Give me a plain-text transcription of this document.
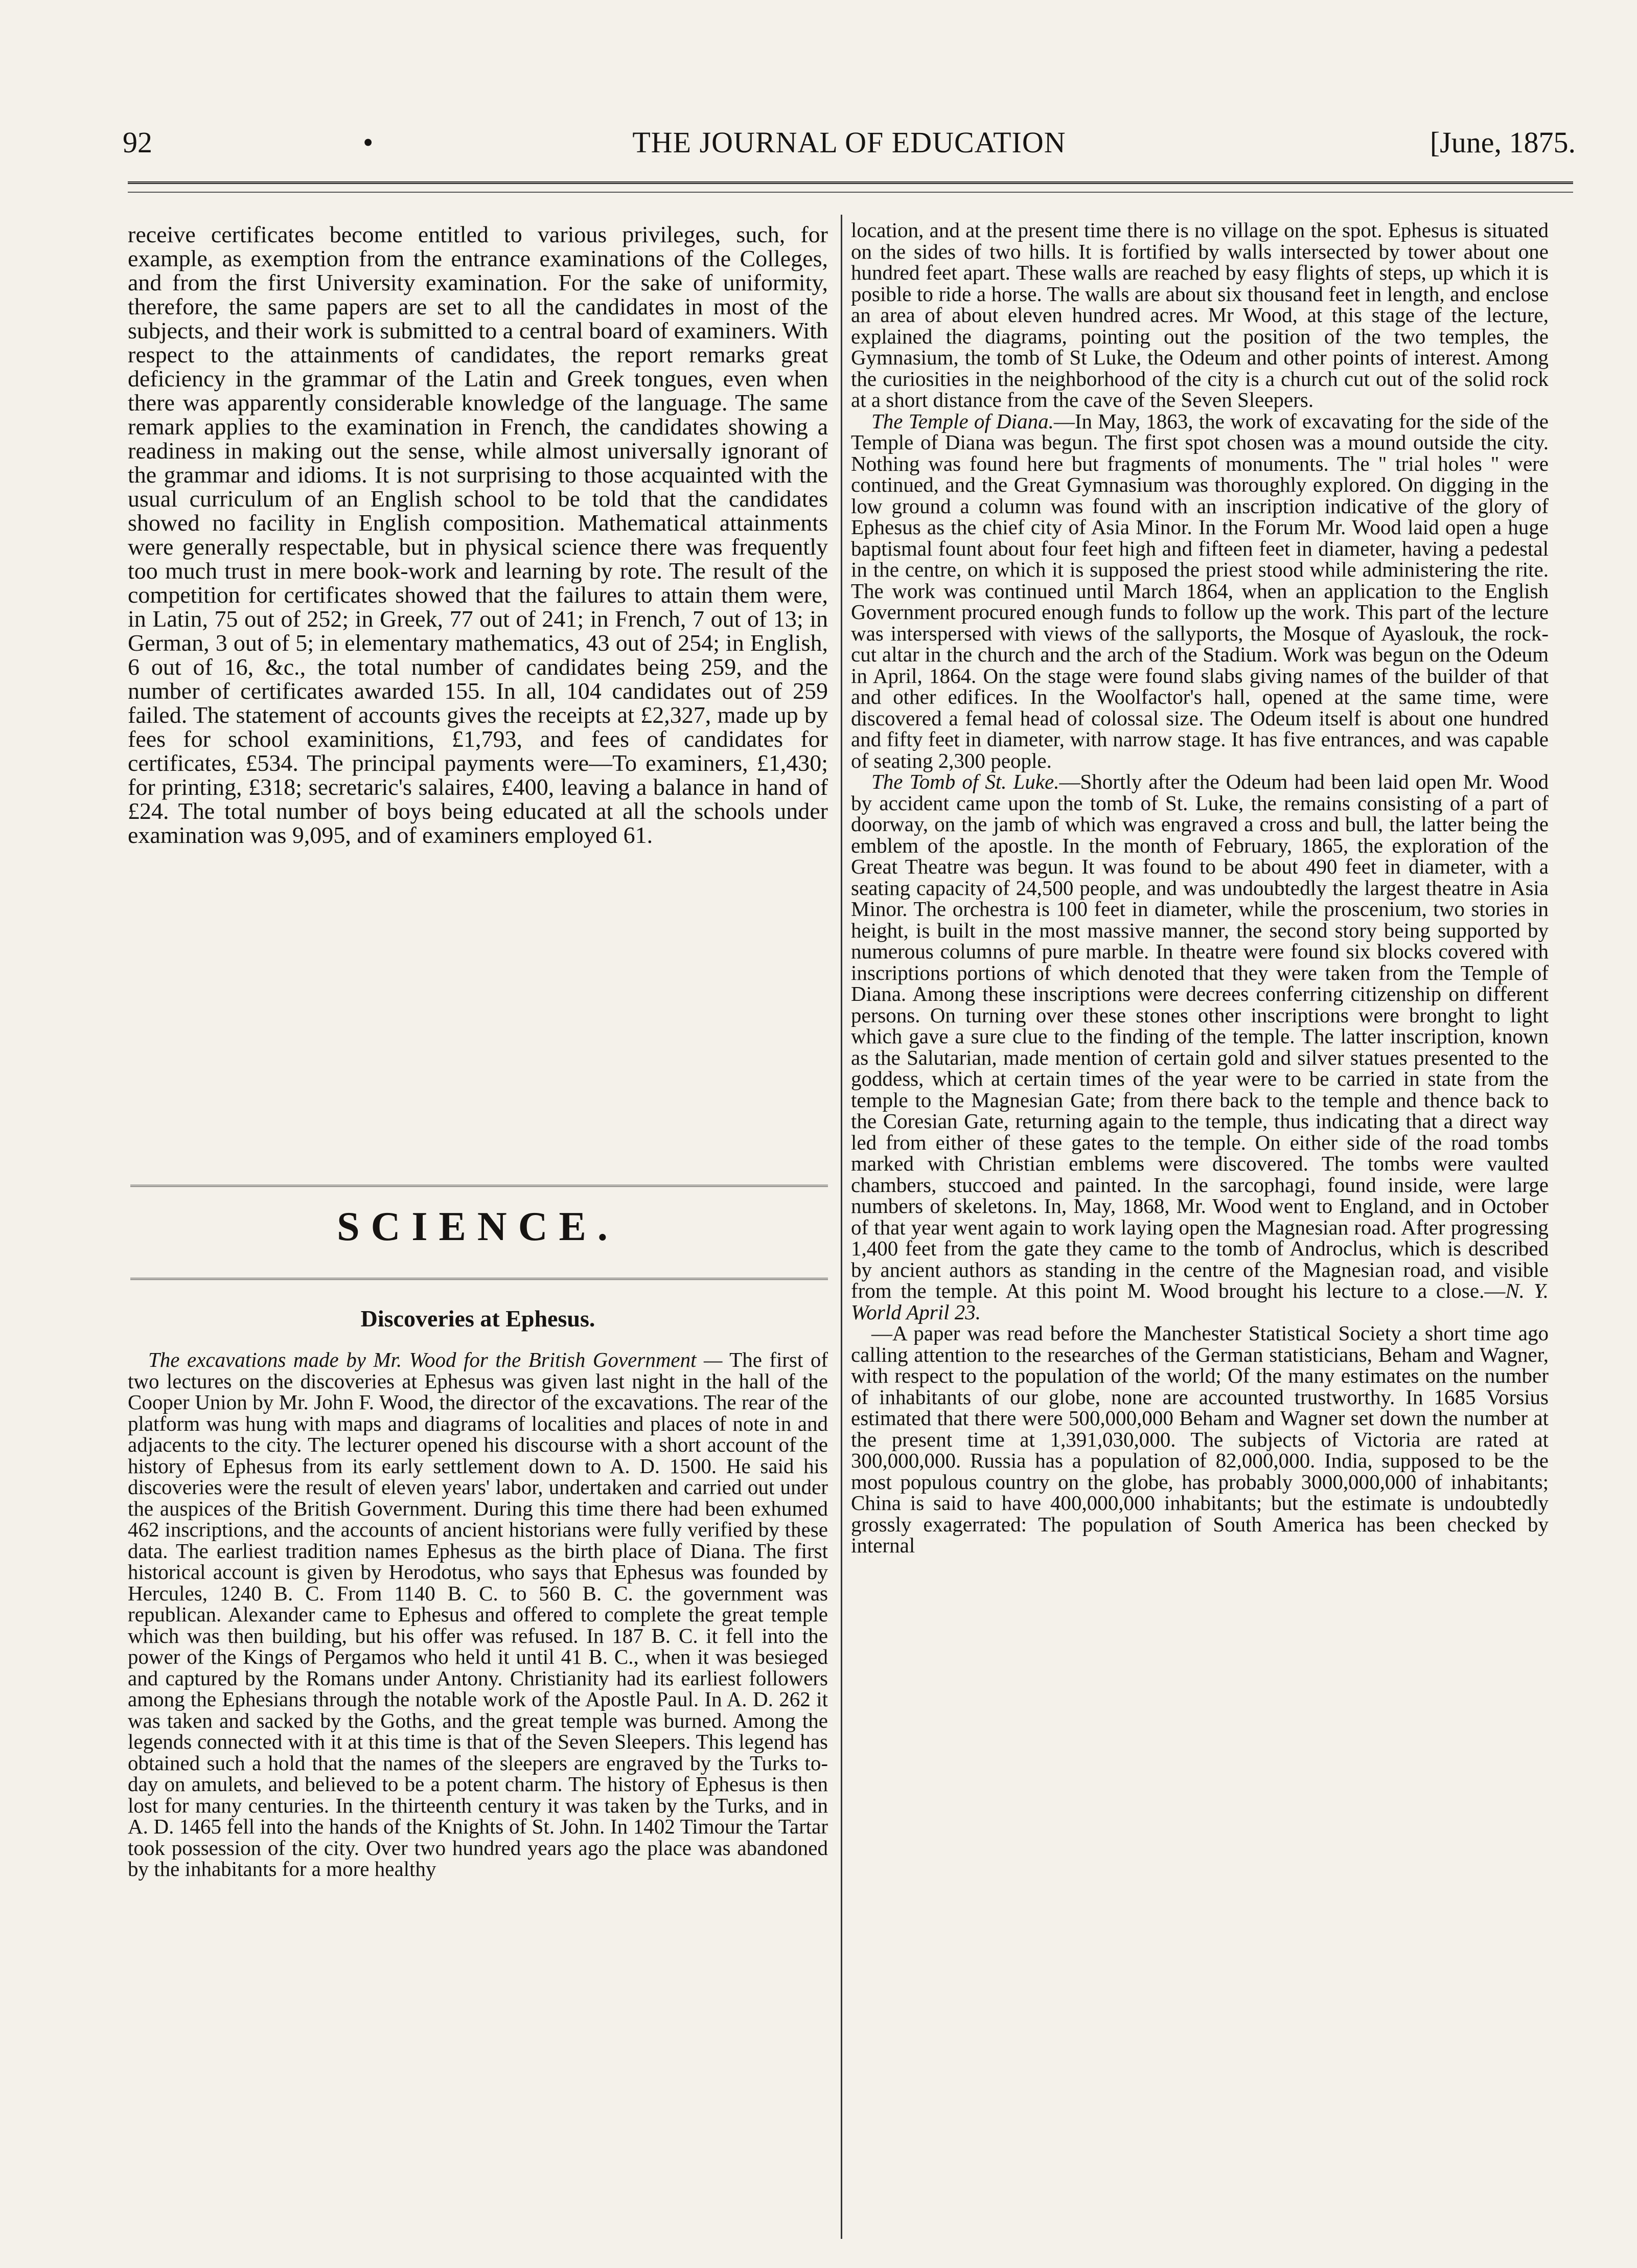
92	•	THE JOURNAL OF EDUCATION	[June, 1875.

receive certificates become entitled to various privileges, such, for example, as exemption from the entrance examinations of the Colleges, and from the first University examination. For the sake of uniformity, therefore, the same papers are set to all the candidates in most of the subjects, and their work is submitted to a central board of examiners. With respect to the attainments of candidates, the report remarks great deficiency in the grammar of the Latin and Greek tongues, even when there was apparently considerable knowledge of the language. The same remark applies to the examination in French, the candidates showing a readiness in making out the sense, while almost universally ignorant of the grammar and idioms. It is not surprising to those acquainted with the usual curriculum of an English school to be told that the candidates showed no facility in English composition. Mathematical attainments were generally respectable, but in physical science there was frequently too much trust in mere book-work and learning by rote. The result of the competition for certificates showed that the failures to attain them were, in Latin, 75 out of 252; in Greek, 77 out of 241; in French, 7 out of 13; in German, 3 out of 5; in elementary mathematics, 43 out of 254; in English, 6 out of 16, &c., the total number of candidates being 259, and the number of certificates awarded 155. In all, 104 candidates out of 259 failed. The statement of accounts gives the receipts at £2,327, made up by fees for school examinitions, £1,793, and fees of candidates for certificates, £534. The principal payments were—To examiners, £1,430; for printing, £318; secretaric's salaires, £400, leaving a balance in hand of £24. The total number of boys being educated at all the schools under examination was 9,095, and of examiners employed 61.

SCIENCE.
Discoveries at Ephesus.

The excavations made by Mr. Wood for the British Government — The first of two lectures on the discoveries at Ephesus was given last night in the hall of the Cooper Union by Mr. John F. Wood, the director of the excavations. The rear of the platform was hung with maps and diagrams of localities and places of note in and adjacents to the city. The lecturer opened his discourse with a short account of the history of Ephesus from its early settlement down to A. D. 1500. He said his discoveries were the result of eleven years' labor, undertaken and carried out under the auspices of the British Government. During this time there had been exhumed 462 inscriptions, and the accounts of ancient historians were fully verified by these data. The earliest tradition names Ephesus as the birth place of Diana. The first historical account is given by Herodotus, who says that Ephesus was founded by Hercules, 1240 B. C. From 1140 B. C. to 560 B. C. the government was republican. Alexander came to Ephesus and offered to complete the great temple which was then building, but his offer was refused. In 187 B. C. it fell into the power of the Kings of Pergamos who held it until 41 B. C., when it was besieged and captured by the Romans under Antony. Christianity had its earliest followers among the Ephesians through the notable work of the Apostle Paul. In A. D. 262 it was taken and sacked by the Goths, and the great temple was burned. Among the legends connected with it at this time is that of the Seven Sleepers. This legend has obtained such a hold that the names of the sleepers are engraved by the Turks to-day on amulets, and believed to be a potent charm. The history of Ephesus is then lost for many centuries. In the thirteenth century it was taken by the Turks, and in A. D. 1465 fell into the hands of the Knights of St. John. In 1402 Timour the Tartar took possession of the city. Over two hundred years ago the place was abandoned by the inhabitants for a more healthy

location, and at the present time there is no village on the spot. Ephesus is situated on the sides of two hills. It is fortified by walls intersected by tower about one hundred feet apart. These walls are reached by easy flights of steps, up which it is posible to ride a horse. The walls are about six thousand feet in length, and enclose an area of about eleven hundred acres. Mr Wood, at this stage of the lecture, explained the diagrams, pointing out the position of the two temples, the Gymnasium, the tomb of St Luke, the Odeum and other points of interest. Among the curiosities in the neighborhood of the city is a church cut out of the solid rock at a short distance from the cave of the Seven Sleepers.

The Temple of Diana.—In May, 1863, the work of excavating for the side of the Temple of Diana was begun. The first spot chosen was a mound outside the city. Nothing was found here but fragments of monuments. The " trial holes " were continued, and the Great Gymnasium was thoroughly explored. On digging in the low ground a column was found with an inscription indicative of the glory of Ephesus as the chief city of Asia Minor. In the Forum Mr. Wood laid open a huge baptismal fount about four feet high and fifteen feet in diameter, having a pedestal in the centre, on which it is supposed the priest stood while administering the rite. The work was continued until March 1864, when an application to the English Government procured enough funds to follow up the work. This part of the lecture was interspersed with views of the sallyports, the Mosque of Ayaslouk, the rock-cut altar in the church and the arch of the Stadium. Work was begun on the Odeum in April, 1864. On the stage were found slabs giving names of the builder of that and other edifices. In the Woolfactor's hall, opened at the same time, were discovered a femal head of colossal size. The Odeum itself is about one hundred and fifty feet in diameter, with narrow stage. It has five entrances, and was capable of seating 2,300 people.

The Tomb of St. Luke.—Shortly after the Odeum had been laid open Mr. Wood by accident came upon the tomb of St. Luke, the remains consisting of a part of doorway, on the jamb of which was engraved a cross and bull, the latter being the emblem of the apostle. In the month of February, 1865, the exploration of the Great Theatre was begun. It was found to be about 490 feet in diameter, with a seating capacity of 24,500 people, and was undoubtedly the largest theatre in Asia Minor. The orchestra is 100 feet in diameter, while the proscenium, two stories in height, is built in the most massive manner, the second story being supported by numerous columns of pure marble. In theatre were found six blocks covered with inscriptions portions of which denoted that they were taken from the Temple of Diana. Among these inscriptions were decrees conferring citizenship on different persons. On turning over these stones other inscriptions were bronght to light which gave a sure clue to the finding of the temple. The latter inscription, known as the Salutarian, made mention of certain gold and silver statues presented to the goddess, which at certain times of the year were to be carried in state from the temple to the Magnesian Gate; from there back to the temple and thence back to the Coresian Gate, returning again to the temple, thus indicating that a direct way led from either of these gates to the temple. On either side of the road tombs marked with Christian emblems were discovered. The tombs were vaulted chambers, stuccoed and painted. In the sarcophagi, found inside, were large numbers of skeletons. In, May, 1868, Mr. Wood went to England, and in October of that year went again to work laying open the Magnesian road. After progressing 1,400 feet from the gate they came to the tomb of Androclus, which is described by ancient authors as standing in the centre of the Magnesian road, and visible from the temple. At this point M. Wood brought his lecture to a close.—N. Y. World April 23.

—A paper was read before the Manchester Statistical Society a short time ago calling attention to the researches of the German statisticians, Beham and Wagner, with respect to the population of the world; Of the many estimates on the number of inhabitants of our globe, none are accounted trustworthy. In 1685 Vorsius estimated that there were 500,000,000 Beham and Wagner set down the number at the present time at 1,391,030,000. The subjects of Victoria are rated at 300,000,000. Russia has a population of 82,000,000. India, supposed to be the most populous country on the globe, has probably 3000,000,000 of inhabitants; China is said to have 400,000,000 inhabitants; but the estimate is undoubtedly grossly exagerrated: The population of South America has been checked by internal
